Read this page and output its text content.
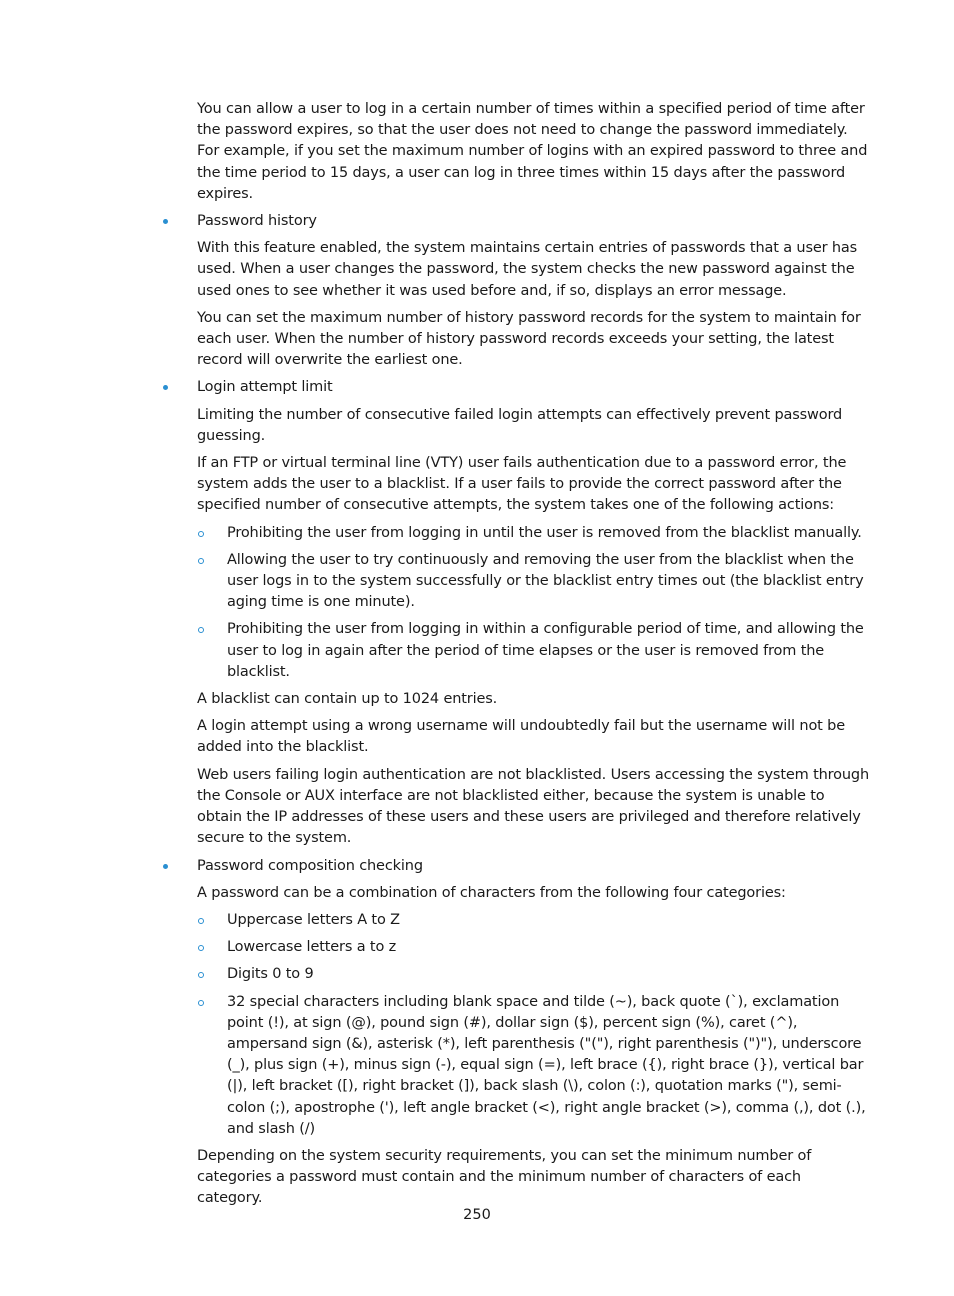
You can allow a user to log in a certain number of times within a specified period of time after the password expires, so that the user does not need to change the password immediately. For example, if you set the maximum number of logins with an expired password to three and the time period to 15 days, a user can log in three times within 15 days after the password expires.

Password history

With this feature enabled, the system maintains certain entries of passwords that a user has used. When a user changes the password, the system checks the new password against the used ones to see whether it was used before and, if so, displays an error message.

You can set the maximum number of history password records for the system to maintain for each user. When the number of history password records exceeds your setting, the latest record will overwrite the earliest one.

Login attempt limit

Limiting the number of consecutive failed login attempts can effectively prevent password guessing.

If an FTP or virtual terminal line (VTY) user fails authentication due to a password error, the system adds the user to a blacklist. If a user fails to provide the correct password after the specified number of consecutive attempts, the system takes one of the following actions:

Prohibiting the user from logging in until the user is removed from the blacklist manually.
Allowing the user to try continuously and removing the user from the blacklist when the user logs in to the system successfully or the blacklist entry times out (the blacklist entry aging time is one minute).
Prohibiting the user from logging in within a configurable period of time, and allowing the user to log in again after the period of time elapses or the user is removed from the blacklist.

A blacklist can contain up to 1024 entries.

A login attempt using a wrong username will undoubtedly fail but the username will not be added into the blacklist.

Web users failing login authentication are not blacklisted. Users accessing the system through the Console or AUX interface are not blacklisted either, because the system is unable to obtain the IP addresses of these users and these users are privileged and therefore relatively secure to the system.

Password composition checking

A password can be a combination of characters from the following four categories:

Uppercase letters A to Z
Lowercase letters a to z
Digits 0 to 9
32 special characters including blank space and tilde (~), back quote (`), exclamation point (!), at sign (@), pound sign (#), dollar sign ($), percent sign (%), caret (^), ampersand sign (&), asterisk (*), left parenthesis ("("), right parenthesis (")"), underscore (_), plus sign (+), minus sign (-), equal sign (=), left brace ({), right brace (}), vertical bar (|), left bracket ([), right bracket (]), back slash (\), colon (:), quotation marks ("), semi-colon (;), apostrophe ('), left angle bracket (<), right angle bracket (>), comma (,), dot (.), and slash (/)

Depending on the system security requirements, you can set the minimum number of categories a password must contain and the minimum number of characters of each category.

250
